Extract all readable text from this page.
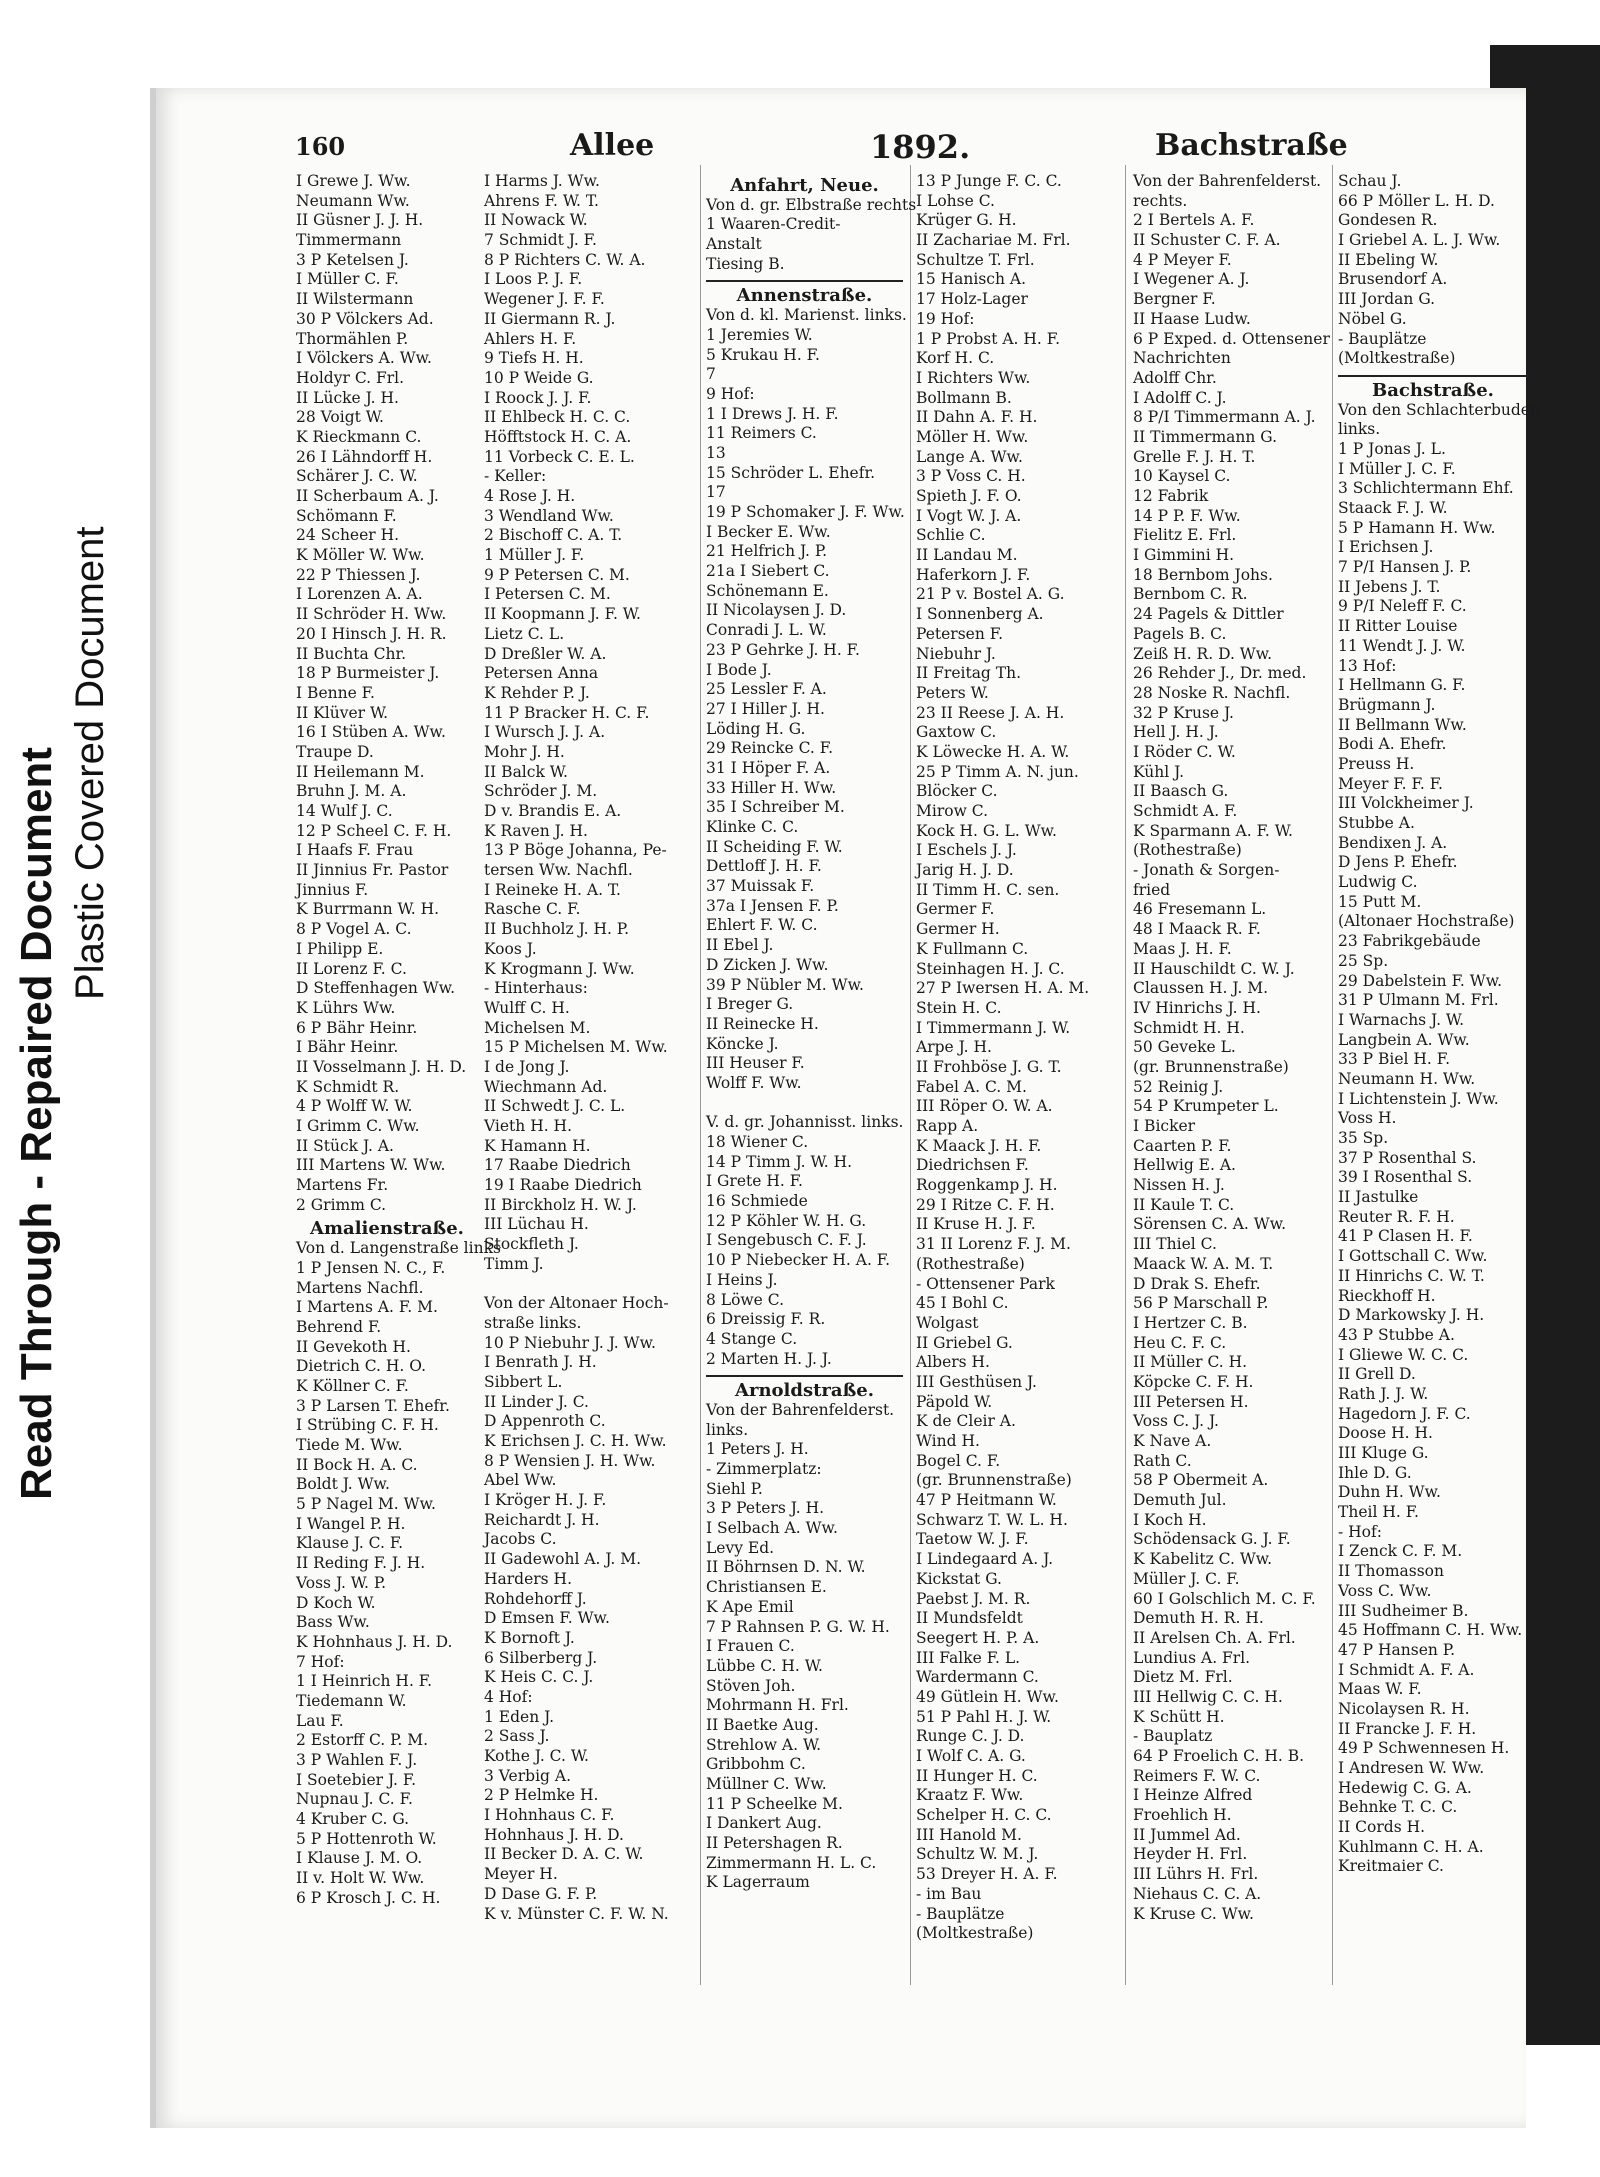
Read Through - Repaired Document Plastic Covered Document
160	Allee	1892.	Bachstraße
I Grewe J. Ww.
Neumann Ww.
II Güsner J. J. H.
Timmermann
3 P Ketelsen J.
I Müller C. F.
II Wilstermann
30 P Völckers Ad.
Thormählen P.
I Völckers A. Ww.
Holdyr C. Frl.
II Lücke J. H.
28 Voigt W.
K Rieckmann C.
26 I Lähndorff H.
Schärer J. C. W.
II Scherbaum A. J.
Schömann F.
24 Scheer H.
K Möller W. Ww.
22 P Thiessen J.
I Lorenzen A. A.
II Schröder H. Ww.
20 I Hinsch J. H. R.
II Buchta Chr.
18 P Burmeister J.
I Benne F.
II Klüver W.
16 I Stüben A. Ww.
Traupe D.
II Heilemann M.
Bruhn J. M. A.
14 Wulf J. C.
12 P Scheel C. F. H.
I Haafs F. Frau
II Jinnius Fr. Pastor
Jinnius F.
K Burrmann W. H.
8 P Vogel A. C.
I Philipp E.
II Lorenz F. C.
D Steffenhagen Ww.
K Lührs Ww.
6 P Bähr Heinr.
I Bähr Heinr.
II Vosselmann J. H. D.
K Schmidt R.
4 P Wolff W. W.
I Grimm C. Ww.
II Stück J. A.
III Martens W. Ww.
Martens Fr.
2 Grimm C.
Amalienstraße.
Von d. Langenstraße links
1 P Jensen N. C., F.
Martens Nachfl.
I Martens A. F. M.
Behrend F.
II Gevekoth H.
Dietrich C. H. O.
K Köllner C. F.
3 P Larsen T. Ehefr.
I Strübing C. F. H.
Tiede M. Ww.
II Bock H. A. C.
Boldt J. Ww.
5 P Nagel M. Ww.
I Wangel P. H.
Klause J. C. F.
II Reding F. J. H.
Voss J. W. P.
D Koch W.
Bass Ww.
K Hohnhaus J. H. D.
7 Hof:
1 I Heinrich H. F.
Tiedemann W.
Lau F.
2 Estorff C. P. M.
3 P Wahlen F. J.
I Soetebier J. F.
Nupnau J. C. F.
4 Kruber C. G.
5 P Hottenroth W.
I Klause J. M. O.
II v. Holt W. Ww.
6 P Krosch J. C. H.
I Harms J. Ww.
Ahrens F. W. T.
II Nowack W.
7 Schmidt J. F.
8 P Richters C. W. A.
I Loos P. J. F.
Wegener J. F. F.
II Giermann R. J.
Ahlers H. F.
9 Tiefs H. H.
10 P Weide G.
I Roock J. J. F.
II Ehlbeck H. C. C.
Höfftstock H. C. A.
11 Vorbeck C. E. L.
- Keller:
4 Rose J. H.
3 Wendland Ww.
2 Bischoff C. A. T.
1 Müller J. F.
9 P Petersen C. M.
I Petersen C. M.
II Koopmann J. F. W.
Lietz C. L.
D Dreßler W. A.
Petersen Anna
K Rehder P. J.
11 P Bracker H. C. F.
I Wursch J. J. A.
Mohr J. H.
II Balck W.
Schröder J. M.
D v. Brandis E. A.
K Raven J. H.
13 P Böge Johanna, Pe-
tersen Ww. Nachfl.
I Reineke H. A. T.
Rasche C. F.
II Buchholz J. H. P.
Koos J.
K Krogmann J. Ww.
- Hinterhaus:
Wulff C. H.
Michelsen M.
15 P Michelsen M. Ww.
I de Jong J.
Wiechmann Ad.
II Schwedt J. C. L.
Vieth H. H.
K Hamann H.
17 Raabe Diedrich
19 I Raabe Diedrich
II Birckholz H. W. J.
III Lüchau H.
Stockfleth J.
Timm J.
Von der Altonaer Hoch-
straße links.
10 P Niebuhr J. J. Ww.
I Benrath J. H.
Sibbert L.
II Linder J. C.
D Appenroth C.
K Erichsen J. C. H. Ww.
8 P Wensien J. H. Ww.
Abel Ww.
I Kröger H. J. F.
Reichardt J. H.
Jacobs C.
II Gadewohl A. J. M.
Harders H.
Rohdehorff J.
D Emsen F. Ww.
K Bornoft J.
6 Silberberg J.
K Heis C. C. J.
4 Hof:
1 Eden J.
2 Sass J.
Kothe J. C. W.
3 Verbig A.
2 P Helmke H.
I Hohnhaus C. F.
Hohnhaus J. H. D.
II Becker D. A. C. W.
Meyer H.
D Dase G. F. P.
K v. Münster C. F. W. N.
Anfahrt, Neue.
Von d. gr. Elbstraße rechts
1 Waaren-Credit-
Anstalt
Tiesing B.
Annenstraße.
Von d. kl. Marienst. links.
1 Jeremies W.
5 Krukau H. F.
7
9 Hof:
1 I Drews J. H. F.
11 Reimers C.
13
15 Schröder L. Ehefr.
17
19 P Schomaker J. F. Ww.
I Becker E. Ww.
21 Helfrich J. P.
21a I Siebert C.
Schönemann E.
II Nicolaysen J. D.
Conradi J. L. W.
23 P Gehrke J. H. F.
I Bode J.
25 Lessler F. A.
27 I Hiller J. H.
Löding H. G.
29 Reincke C. F.
31 I Höper F. A.
33 Hiller H. Ww.
35 I Schreiber M.
Klinke C. C.
II Scheiding F. W.
Dettloff J. H. F.
37 Muissak F.
37a I Jensen F. P.
Ehlert F. W. C.
II Ebel J.
D Zicken J. Ww.
39 P Nübler M. Ww.
I Breger G.
II Reinecke H.
Köncke J.
III Heuser F.
Wolff F. Ww.
V. d. gr. Johannisst. links.
18 Wiener C.
14 P Timm J. W. H.
I Grete H. F.
16 Schmiede
12 P Köhler W. H. G.
I Sengebusch C. F. J.
10 P Niebecker H. A. F.
I Heins J.
8 Löwe C.
6 Dreissig F. R.
4 Stange C.
2 Marten H. J. J.
Arnoldstraße.
Von der Bahrenfelderst.
links.
1 Peters J. H.
- Zimmerplatz:
Siehl P.
3 P Peters J. H.
I Selbach A. Ww.
Levy Ed.
II Böhrnsen D. N. W.
Christiansen E.
K Ape Emil
7 P Rahnsen P. G. W. H.
I Frauen C.
Lübbe C. H. W.
Stöven Joh.
Mohrmann H. Frl.
II Baetke Aug.
Strehlow A. W.
Gribbohm C.
Müllner C. Ww.
11 P Scheelke M.
I Dankert Aug.
II Petershagen R.
Zimmermann H. L. C.
K Lagerraum
13 P Junge F. C. C.
I Lohse C.
Krüger G. H.
II Zachariae M. Frl.
Schultze T. Frl.
15 Hanisch A.
17 Holz-Lager
19 Hof:
1 P Probst A. H. F.
Korf H. C.
I Richters Ww.
Bollmann B.
II Dahn A. F. H.
Möller H. Ww.
Lange A. Ww.
3 P Voss C. H.
Spieth J. F. O.
I Vogt W. J. A.
Schlie C.
II Landau M.
Haferkorn J. F.
21 P v. Bostel A. G.
I Sonnenberg A.
Petersen F.
Niebuhr J.
II Freitag Th.
Peters W.
23 II Reese J. A. H.
Gaxtow C.
K Löwecke H. A. W.
25 P Timm A. N. jun.
Blöcker C.
Mirow C.
Kock H. G. L. Ww.
I Eschels J. J.
Jarig H. J. D.
II Timm H. C. sen.
Germer F.
Germer H.
K Fullmann C.
Steinhagen H. J. C.
27 P Iwersen H. A. M.
Stein H. C.
I Timmermann J. W.
Arpe J. H.
II Frohböse J. G. T.
Fabel A. C. M.
III Röper O. W. A.
Rapp A.
K Maack J. H. F.
Diedrichsen F.
Roggenkamp J. H.
29 I Ritze C. F. H.
II Kruse H. J. F.
31 II Lorenz F. J. M.
(Rothestraße)
- Ottensener Park
45 I Bohl C.
Wolgast
II Griebel G.
Albers H.
III Gesthüsen J.
Päpold W.
K de Cleir A.
Wind H.
Bogel C. F.
(gr. Brunnenstraße)
47 P Heitmann W.
Schwarz T. W. L. H.
Taetow W. J. F.
I Lindegaard A. J.
Kickstat G.
Paebst J. M. R.
II Mundsfeldt
Seegert H. P. A.
III Falke F. L.
Wardermann C.
49 Gütlein H. Ww.
51 P Pahl H. J. W.
Runge C. J. D.
I Wolf C. A. G.
II Hunger H. C.
Kraatz F. Ww.
Schelper H. C. C.
III Hanold M.
Schultz W. M. J.
53 Dreyer H. A. F.
- im Bau
- Bauplätze
(Moltkestraße)
Von der Bahrenfelderst.
rechts.
2 I Bertels A. F.
II Schuster C. F. A.
4 P Meyer F.
I Wegener A. J.
Bergner F.
II Haase Ludw.
6 P Exped. d. Ottensener
Nachrichten
Adolff Chr.
I Adolff C. J.
8 P/I Timmermann A. J.
II Timmermann G.
Grelle F. J. H. T.
10 Kaysel C.
12 Fabrik
14 P P. F. Ww.
Fielitz E. Frl.
I Gimmini H.
18 Bernbom Johs.
Bernbom C. R.
24 Pagels & Dittler
Pagels B. C.
Zeiß H. R. D. Ww.
26 Rehder J., Dr. med.
28 Noske R. Nachfl.
32 P Kruse J.
Hell J. H. J.
I Röder C. W.
Kühl J.
II Baasch G.
Schmidt A. F.
K Sparmann A. F. W.
(Rothestraße)
- Jonath & Sorgen-
fried
46 Fresemann L.
48 I Maack R. F.
Maas J. H. F.
II Hauschildt C. W. J.
Claussen H. J. M.
IV Hinrichs J. H.
Schmidt H. H.
50 Geveke L.
(gr. Brunnenstraße)
52 Reinig J.
54 P Krumpeter L.
I Bicker
Caarten P. F.
Hellwig E. A.
Nissen H. J.
II Kaule T. C.
Sörensen C. A. Ww.
III Thiel C.
Maack W. A. M. T.
D Drak S. Ehefr.
56 P Marschall P.
I Hertzer C. B.
Heu C. F. C.
II Müller C. H.
Köpcke C. F. H.
III Petersen H.
Voss C. J. J.
K Nave A.
Rath C.
58 P Obermeit A.
Demuth Jul.
I Koch H.
Schödensack G. J. F.
K Kabelitz C. Ww.
Müller J. C. F.
60 I Golschlich M. C. F.
Demuth H. R. H.
II Arelsen Ch. A. Frl.
Lundius A. Frl.
Dietz M. Frl.
III Hellwig C. C. H.
K Schütt H.
- Bauplatz
64 P Froelich C. H. B.
Reimers F. W. C.
I Heinze Alfred
Froehlich H.
II Jummel Ad.
Heyder H. Frl.
III Lührs H. Frl.
Niehaus C. C. A.
K Kruse C. Ww.
Schau J.
66 P Möller L. H. D.
Gondesen R.
I Griebel A. L. J. Ww.
II Ebeling W.
Brusendorf A.
III Jordan G.
Nöbel G.
- Bauplätze
(Moltkestraße)
Bachstraße.
Von den Schlachterbuden
links.
1 P Jonas J. L.
I Müller J. C. F.
3 Schlichtermann Ehf.
Staack F. J. W.
5 P Hamann H. Ww.
I Erichsen J.
7 P/I Hansen J. P.
II Jebens J. T.
9 P/I Neleff F. C.
II Ritter Louise
11 Wendt J. J. W.
13 Hof:
I Hellmann G. F.
Brügmann J.
II Bellmann Ww.
Bodi A. Ehefr.
Preuss H.
Meyer F. F. F.
III Volckheimer J.
Stubbe A.
Bendixen J. A.
D Jens P. Ehefr.
Ludwig C.
15 Putt M.
(Altonaer Hochstraße)
23 Fabrikgebäude
25 Sp.
29 Dabelstein F. Ww.
31 P Ulmann M. Frl.
I Warnachs J. W.
Langbein A. Ww.
33 P Biel H. F.
Neumann H. Ww.
I Lichtenstein J. Ww.
Voss H.
35 Sp.
37 P Rosenthal S.
39 I Rosenthal S.
II Jastulke
Reuter R. F. H.
41 P Clasen H. F.
I Gottschall C. Ww.
II Hinrichs C. W. T.
Rieckhoff H.
D Markowsky J. H.
43 P Stubbe A.
I Gliewe W. C. C.
II Grell D.
Rath J. J. W.
Hagedorn J. F. C.
Doose H. H.
III Kluge G.
Ihle D. G.
Duhn H. Ww.
Theil H. F.
- Hof:
I Zenck C. F. M.
II Thomasson
Voss C. Ww.
III Sudheimer B.
45 Hoffmann C. H. Ww.
47 P Hansen P.
I Schmidt A. F. A.
Maas W. F.
Nicolaysen R. H.
II Francke J. F. H.
49 P Schwennesen H.
I Andresen W. Ww.
Hedewig C. G. A.
Behnke T. C. C.
II Cords H.
Kuhlmann C. H. A.
Kreitmaier C.
